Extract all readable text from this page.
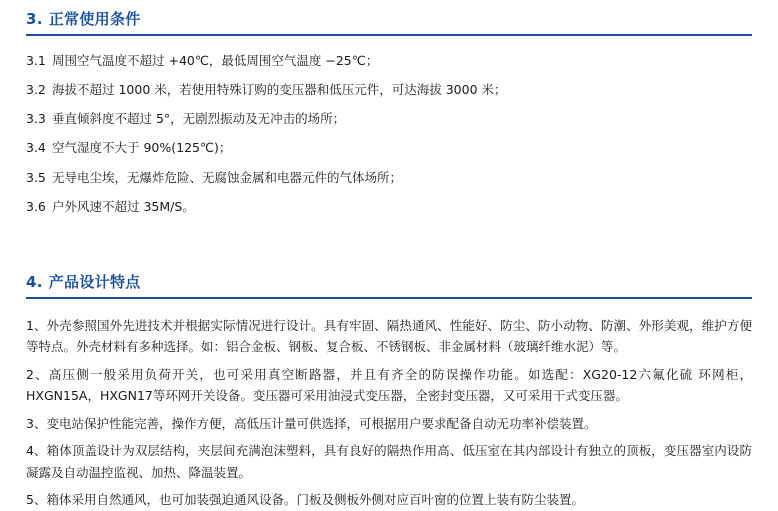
3. 正常使用条件
3.1 周围空气温度不超过 +40℃，最低周围空气温度 −25℃；
3.2 海拔不超过 1000 米，若使用特殊订购的变压器和低压元件，可达海拔 3000 米；
3.3 垂直倾斜度不超过 5°，无剧烈振动及无冲击的场所；
3.4 空气湿度不大于 90%(125℃)；
3.5 无导电尘埃，无爆炸危险、无腐蚀金属和电器元件的气体场所；
3.6 户外风速不超过 35M/S。
4. 产品设计特点

1、外壳参照国外先进技术并根据实际情况进行设计。具有牢固、隔热通风、性能好、防尘、防小动物、防潮、外形美观，维护方便等特点。外壳材料有多种选择。如：铝合金板、钢板、复合板、不锈钢板、非金属材料（玻璃纤维水泥）等。

2、高压侧一般采用负荷开关，也可采用真空断路器，并且有齐全的防误操作功能。如选配：XG20-12六氟化硫 环网柜，HXGN15A，HXGN17等环网开关设备。变压器可采用油浸式变压器，全密封变压器，又可采用干式变压器。

3、变电站保护性能完善，操作方便，高低压计量可供选择，可根据用户要求配备自动无功率补偿装置。

4、箱体顶盖设计为双层结构，夹层间充满泡沫塑料，具有良好的隔热作用高、低压室在其内部设计有独立的顶板，变压器室内设防凝露及自动温控监视、加热、降温装置。

5、箱体采用自然通风，也可加装强迫通风设备。门板及侧板外侧对应百叶窗的位置上装有防尘装置。
